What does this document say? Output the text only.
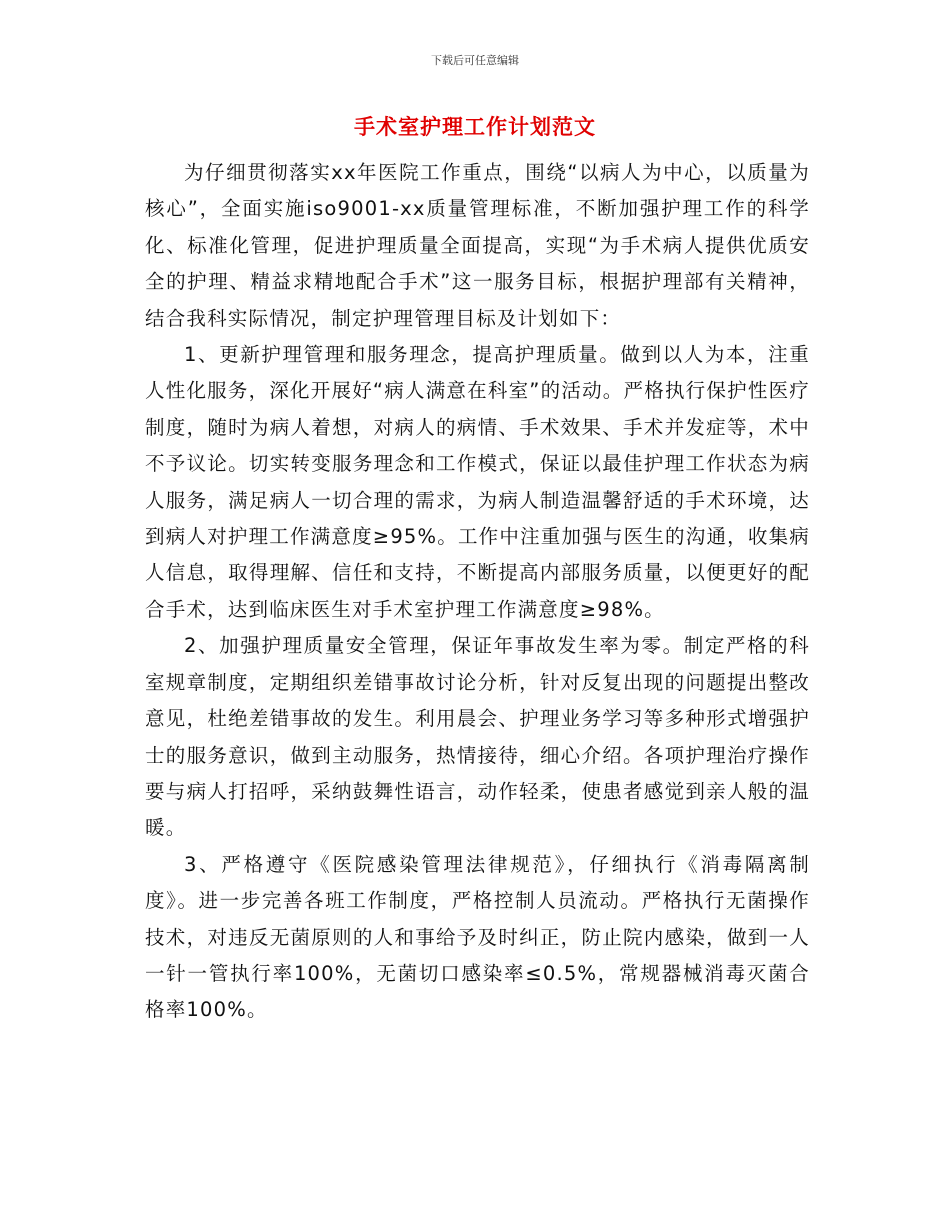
下载后可任意编辑
手术室护理工作计划范文

为仔细贯彻落实xx年医院工作重点，围绕“以病人为中心，以质量为核心”，全面实施iso9001-xx质量管理标准，不断加强护理工作的科学化、标准化管理，促进护理质量全面提高，实现“为手术病人提供优质安全的护理、精益求精地配合手术”这一服务目标，根据护理部有关精神，结合我科实际情况，制定护理管理目标及计划如下：

1、更新护理管理和服务理念，提高护理质量。做到以人为本，注重人性化服务，深化开展好“病人满意在科室”的活动。严格执行保护性医疗制度，随时为病人着想，对病人的病情、手术效果、手术并发症等，术中不予议论。切实转变服务理念和工作模式，保证以最佳护理工作状态为病人服务，满足病人一切合理的需求，为病人制造温馨舒适的手术环境，达到病人对护理工作满意度≥95%。工作中注重加强与医生的沟通，收集病人信息，取得理解、信任和支持，不断提高内部服务质量，以便更好的配合手术，达到临床医生对手术室护理工作满意度≥98%。

2、加强护理质量安全管理，保证年事故发生率为零。制定严格的科室规章制度，定期组织差错事故讨论分析，针对反复出现的问题提出整改意见，杜绝差错事故的发生。利用晨会、护理业务学习等多种形式增强护士的服务意识，做到主动服务，热情接待，细心介绍。各项护理治疗操作要与病人打招呼，采纳鼓舞性语言，动作轻柔，使患者感觉到亲人般的温暖。

3、严格遵守《医院感染管理法律规范》，仔细执行《消毒隔离制度》。进一步完善各班工作制度，严格控制人员流动。严格执行无菌操作技术，对违反无菌原则的人和事给予及时纠正，防止院内感染，做到一人一针一管执行率100%，无菌切口感染率≤0.5%，常规器械消毒灭菌合格率100%。
